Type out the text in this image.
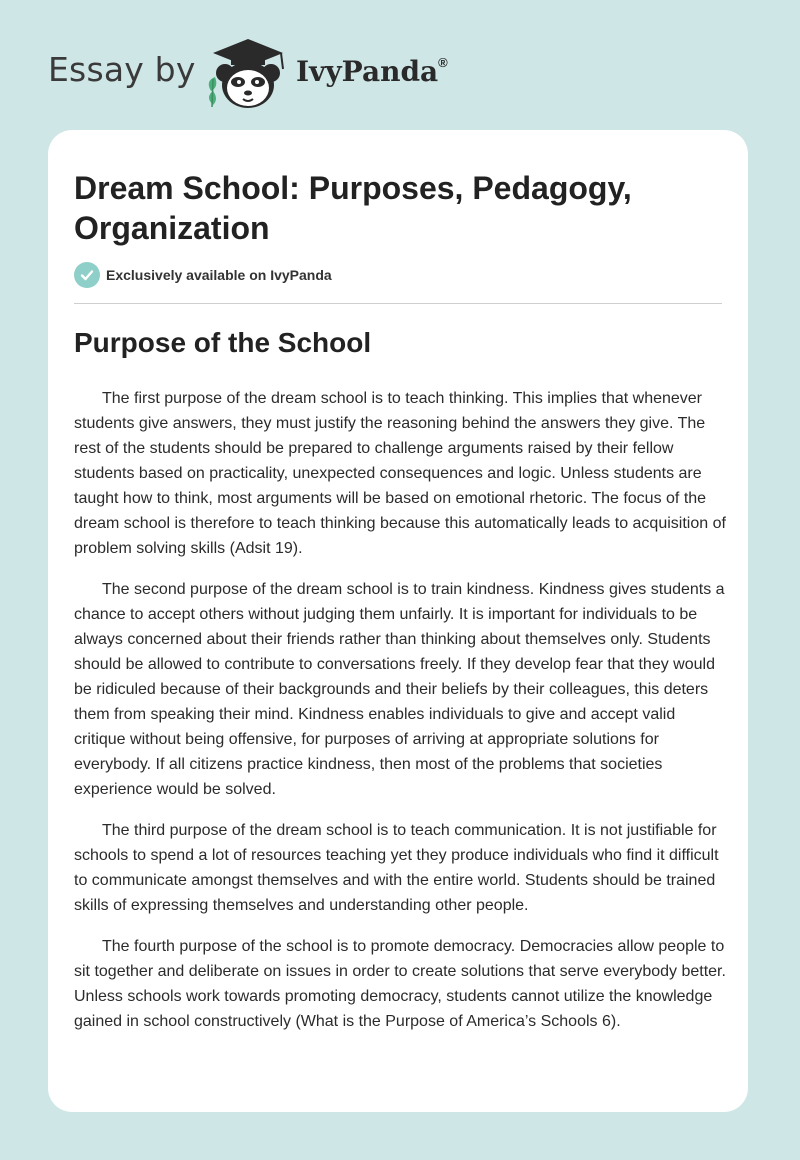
Essay by	IvyPanda®
Dream School: Purposes, Pedagogy, Organization
Exclusively available on IvyPanda
Purpose of the School

The first purpose of the dream school is to teach thinking. This implies that whenever students give answers, they must justify the reasoning behind the answers they give. The rest of the students should be prepared to challenge arguments raised by their fellow students based on practicality, unexpected consequences and logic. Unless students are taught how to think, most arguments will be based on emotional rhetoric. The focus of the dream school is therefore to teach thinking because this automatically leads to acquisition of problem solving skills (Adsit 19).

The second purpose of the dream school is to train kindness. Kindness gives students a chance to accept others without judging them unfairly. It is important for individuals to be always concerned about their friends rather than thinking about themselves only. Students should be allowed to contribute to conversations freely. If they develop fear that they would be ridiculed because of their backgrounds and their beliefs by their colleagues, this deters them from speaking their mind. Kindness enables individuals to give and accept valid critique without being offensive, for purposes of arriving at appropriate solutions for everybody. If all citizens practice kindness, then most of the problems that societies experience would be solved.

The third purpose of the dream school is to teach communication. It is not justifiable for schools to spend a lot of resources teaching yet they produce individuals who find it difficult to communicate amongst themselves and with the entire world. Students should be trained skills of expressing themselves and understanding other people.

The fourth purpose of the school is to promote democracy. Democracies allow people to sit together and deliberate on issues in order to create solutions that serve everybody better. Unless schools work towards promoting democracy, students cannot utilize the knowledge gained in school constructively (What is the Purpose of America’s Schools 6).
